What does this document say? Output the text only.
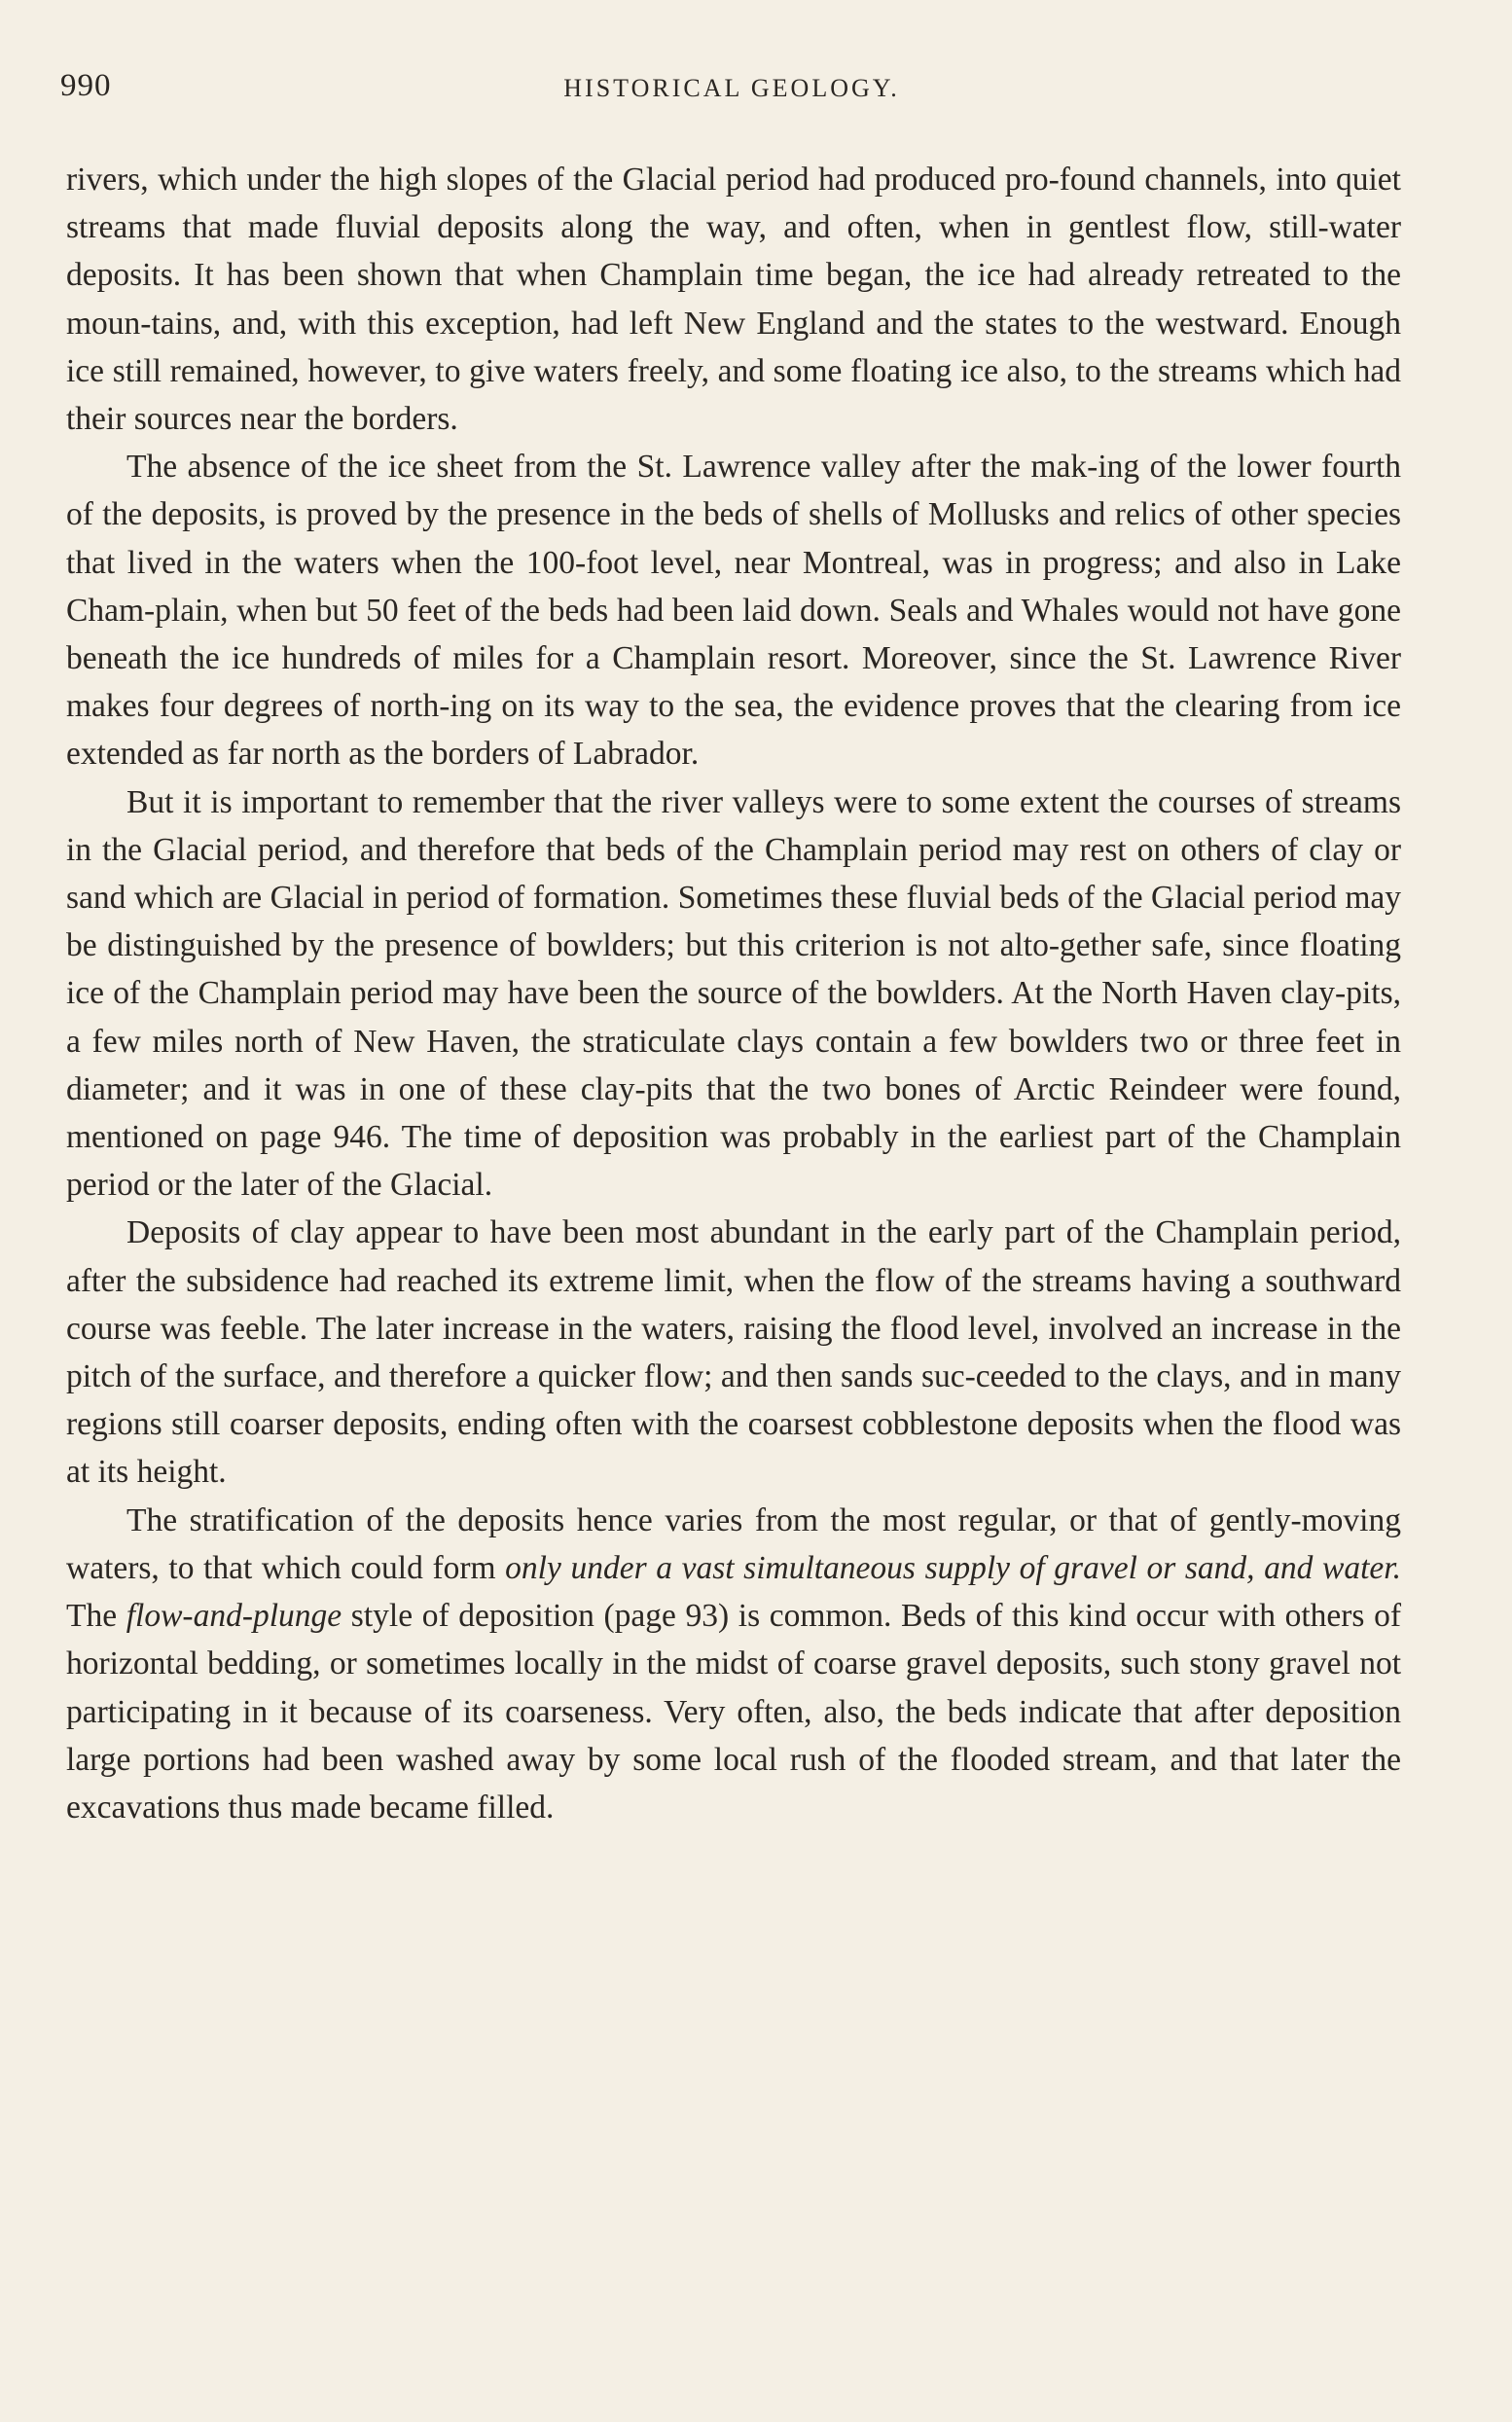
990	HISTORICAL GEOLOGY.

rivers, which under the high slopes of the Glacial period had produced pro-found channels, into quiet streams that made fluvial deposits along the way, and often, when in gentlest flow, still-water deposits. It has been shown that when Champlain time began, the ice had already retreated to the moun-tains, and, with this exception, had left New England and the states to the westward. Enough ice still remained, however, to give waters freely, and some floating ice also, to the streams which had their sources near the borders.

The absence of the ice sheet from the St. Lawrence valley after the mak-ing of the lower fourth of the deposits, is proved by the presence in the beds of shells of Mollusks and relics of other species that lived in the waters when the 100-foot level, near Montreal, was in progress; and also in Lake Cham-plain, when but 50 feet of the beds had been laid down. Seals and Whales would not have gone beneath the ice hundreds of miles for a Champlain resort. Moreover, since the St. Lawrence River makes four degrees of north-ing on its way to the sea, the evidence proves that the clearing from ice extended as far north as the borders of Labrador.

But it is important to remember that the river valleys were to some extent the courses of streams in the Glacial period, and therefore that beds of the Champlain period may rest on others of clay or sand which are Glacial in period of formation. Sometimes these fluvial beds of the Glacial period may be distinguished by the presence of bowlders; but this criterion is not alto-gether safe, since floating ice of the Champlain period may have been the source of the bowlders. At the North Haven clay-pits, a few miles north of New Haven, the straticulate clays contain a few bowlders two or three feet in diameter; and it was in one of these clay-pits that the two bones of Arctic Reindeer were found, mentioned on page 946. The time of deposition was probably in the earliest part of the Champlain period or the later of the Glacial.

Deposits of clay appear to have been most abundant in the early part of the Champlain period, after the subsidence had reached its extreme limit, when the flow of the streams having a southward course was feeble. The later increase in the waters, raising the flood level, involved an increase in the pitch of the surface, and therefore a quicker flow; and then sands suc-ceeded to the clays, and in many regions still coarser deposits, ending often with the coarsest cobblestone deposits when the flood was at its height.

The stratification of the deposits hence varies from the most regular, or that of gently-moving waters, to that which could form only under a vast simultaneous supply of gravel or sand, and water. The flow-and-plunge style of deposition (page 93) is common. Beds of this kind occur with others of horizontal bedding, or sometimes locally in the midst of coarse gravel deposits, such stony gravel not participating in it because of its coarseness. Very often, also, the beds indicate that after deposition large portions had been washed away by some local rush of the flooded stream, and that later the excavations thus made became filled.
